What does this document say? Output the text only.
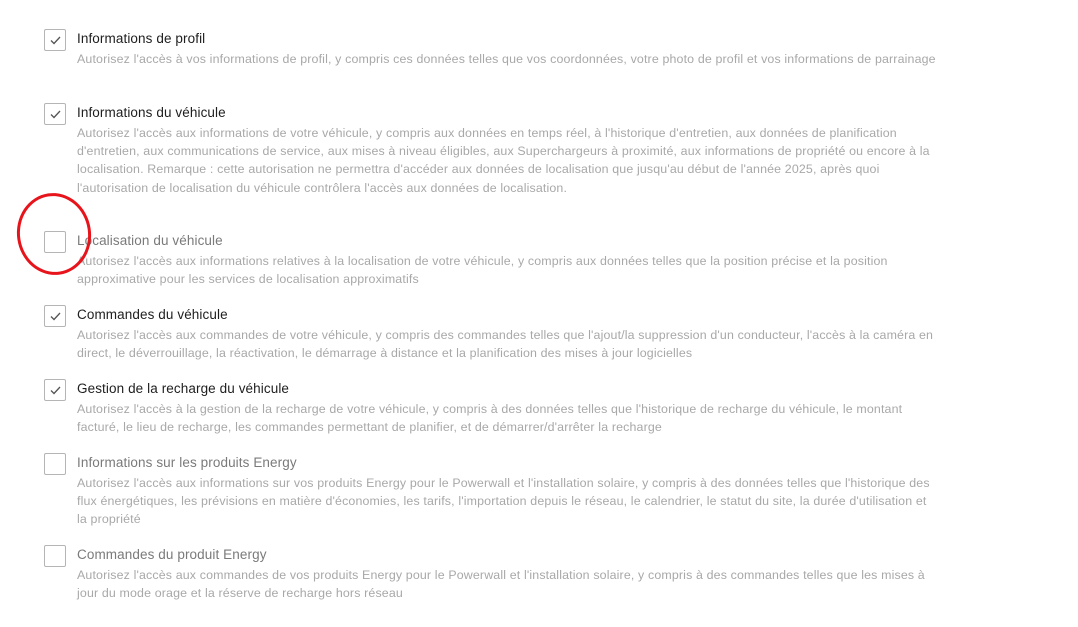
Informations de profil
Autorisez l'accès à vos informations de profil, y compris ces données telles que vos coordonnées, votre photo de profil et vos informations de parrainage
Informations du véhicule
Autorisez l'accès aux informations de votre véhicule, y compris aux données en temps réel, à l'historique d'entretien, aux données de planification d'entretien, aux communications de service, aux mises à niveau éligibles, aux Superchargeurs à proximité, aux informations de propriété ou encore à la localisation. Remarque : cette autorisation ne permettra d'accéder aux données de localisation que jusqu'au début de l'année 2025, après quoi l'autorisation de localisation du véhicule contrôlera l'accès aux données de localisation.
Localisation du véhicule
Autorisez l'accès aux informations relatives à la localisation de votre véhicule, y compris aux données telles que la position précise et la position approximative pour les services de localisation approximatifs
Commandes du véhicule
Autorisez l'accès aux commandes de votre véhicule, y compris des commandes telles que l'ajout/la suppression d'un conducteur, l'accès à la caméra en direct, le déverrouillage, la réactivation, le démarrage à distance et la planification des mises à jour logicielles
Gestion de la recharge du véhicule
Autorisez l'accès à la gestion de la recharge de votre véhicule, y compris à des données telles que l'historique de recharge du véhicule, le montant facturé, le lieu de recharge, les commandes permettant de planifier, et de démarrer/d'arrêter la recharge
Informations sur les produits Energy
Autorisez l'accès aux informations sur vos produits Energy pour le Powerwall et l'installation solaire, y compris à des données telles que l'historique des flux énergétiques, les prévisions en matière d'économies, les tarifs, l'importation depuis le réseau, le calendrier, le statut du site, la durée d'utilisation et la propriété
Commandes du produit Energy
Autorisez l'accès aux commandes de vos produits Energy pour le Powerwall et l'installation solaire, y compris à des commandes telles que les mises à jour du mode orage et la réserve de recharge hors réseau
